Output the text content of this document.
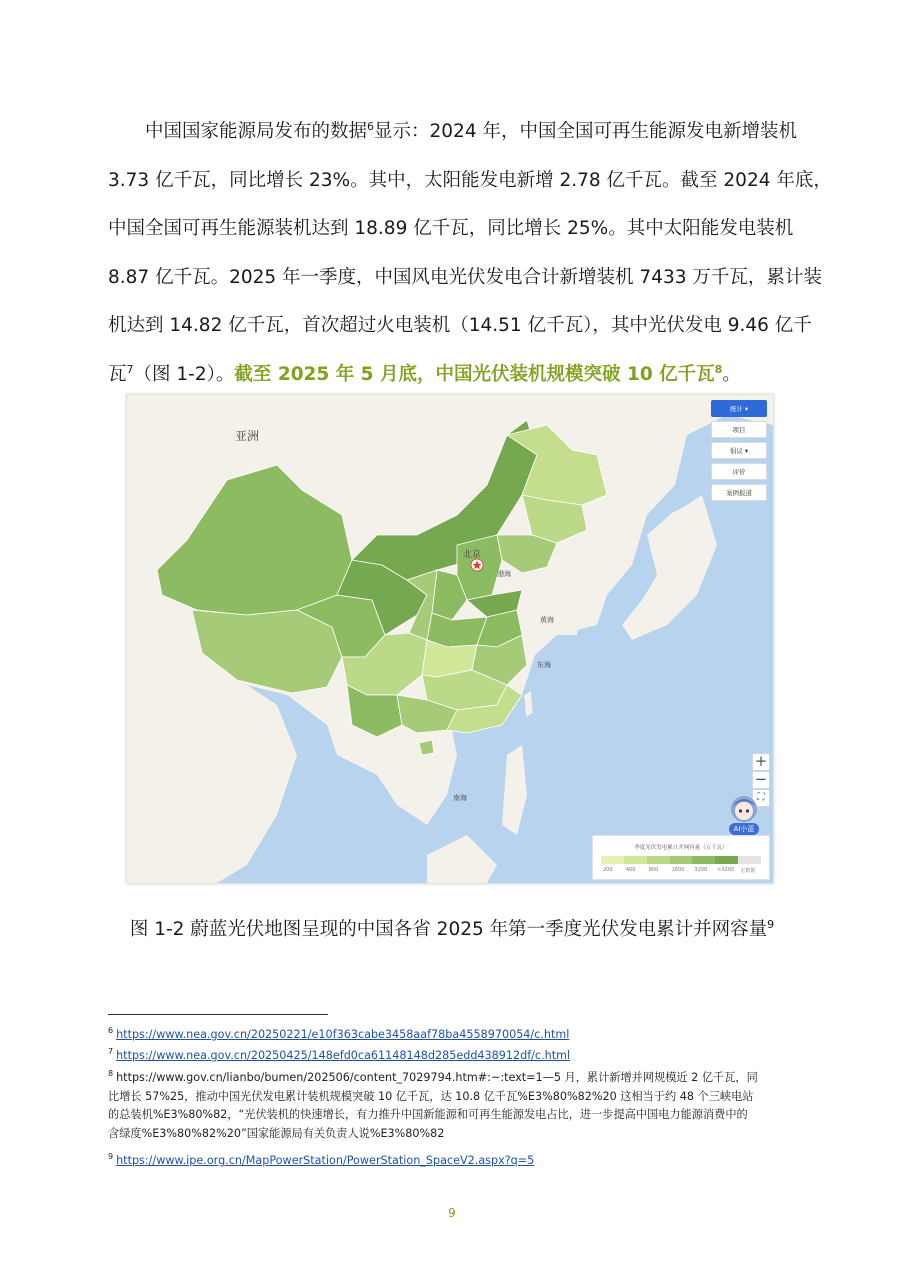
中国国家能源局发布的数据$^6$显示：2024 年，中国全国可再生能源发电新增装机
3.73 亿千瓦，同比增长 23%。其中，太阳能发电新增 2.78 亿千瓦。截至 2024 年底，
中国全国可再生能源装机达到 18.89 亿千瓦，同比增长 25%。其中太阳能发电装机
8.87 亿千瓦。2025 年一季度，中国风电光伏发电合计新增装机 7433 万千瓦，累计装
机达到 14.82 亿千瓦，首次超过火电装机（14.51 亿千瓦），其中光伏发电 9.46 亿千
瓦$^7$（图 1-2）。截至 2025 年 5 月底，中国光伏装机规模突破 10 亿千瓦$^8$。

亚洲
北京
渤海
黄海
东海
南海
统计 ▾
项目
倡议 ▾
评价
案例报道
+
−
⛶
AI小蓝
季度光伏发电累计并网容量（万千瓦）
200	400	800	1600 3200 >3200 无数据
图 1-2 蔚蓝光伏地图呈现的中国各省 2025 年第一季度光伏发电累计并网容量$^9$
$^6$ https://www.nea.gov.cn/20250221/e10f363cabe3458aaf78ba4558970054/c.html
$^7$ https://www.nea.gov.cn/20250425/148efd0ca61148148d285edd438912df/c.html
$^8$ https://www.gov.cn/lianbo/bumen/202506/content_7029794.htm#:~:text=1—5 月，累计新增并网规模近 2 亿千瓦，同
比增长 57%25，推动中国光伏发电累计装机规模突破 10 亿千瓦，达 10.8 亿千瓦%E3%80%82%20 这相当于约 48 个三峡电站
的总装机%E3%80%82，“光伏装机的快速增长，有力推升中国新能源和可再生能源发电占比，进一步提高中国电力能源消费中的
含绿度%E3%80%82%20”国家能源局有关负责人说%E3%80%82
$^9$ https://www.ipe.org.cn/MapPowerStation/PowerStation_SpaceV2.aspx?q=5
9
